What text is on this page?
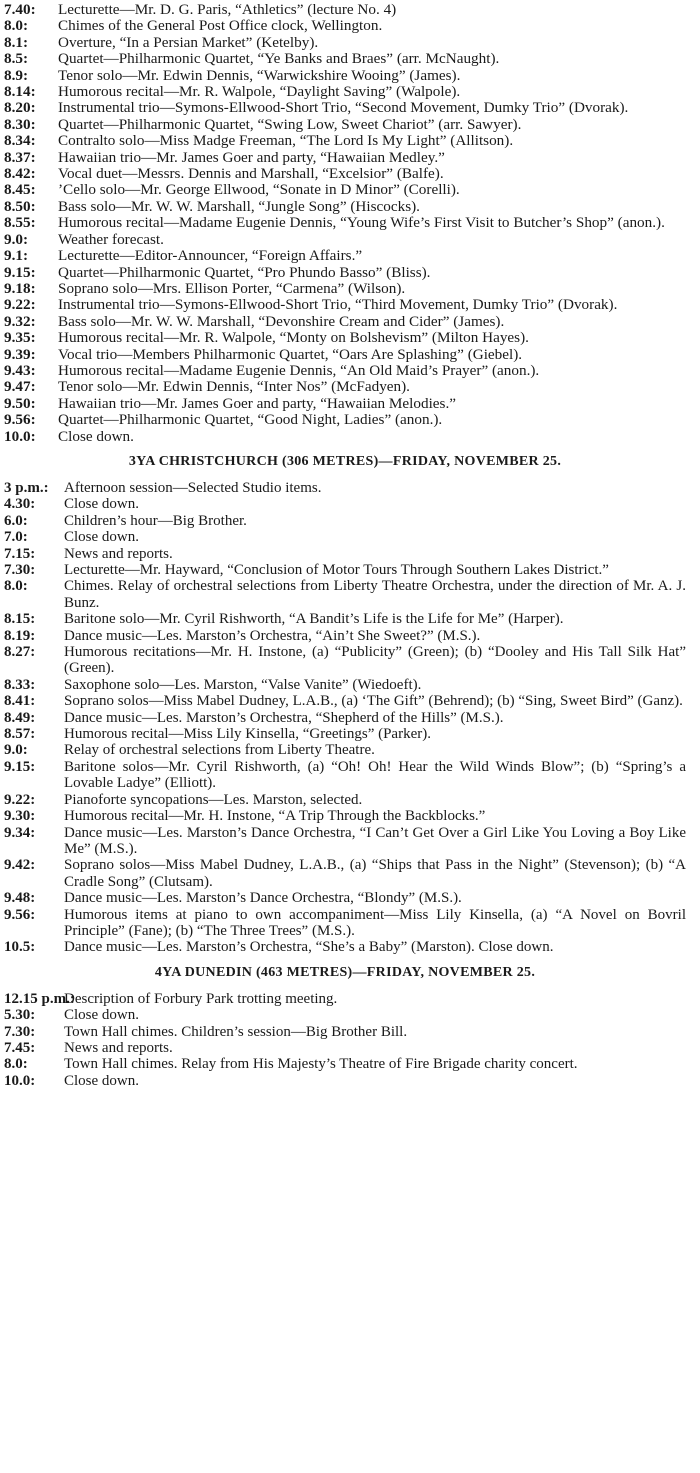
7.40: Lecturette—Mr. D. G. Paris, “Athletics” (lecture No. 4)
8.0: Chimes of the General Post Office clock, Wellington.
8.1: Overture, “In a Persian Market” (Ketelby).
8.5: Quartet—Philharmonic Quartet, “Ye Banks and Braes” (arr. McNaught).
8.9: Tenor solo—Mr. Edwin Dennis, “Warwickshire Wooing” (James).
8.14: Humorous recital—Mr. R. Walpole, “Daylight Saving” (Walpole).
8.20: Instrumental trio—Symons-Ellwood-Short Trio, “Second Movement, Dumky Trio” (Dvorak).
8.30: Quartet—Philharmonic Quartet, “Swing Low, Sweet Chariot” (arr. Sawyer).
8.34: Contralto solo—Miss Madge Freeman, “The Lord Is My Light” (Allitson).
8.37: Hawaiian trio—Mr. James Goer and party, “Hawaiian Medley.”
8.42: Vocal duet—Messrs. Dennis and Marshall, “Excelsior” (Balfe).
8.45: ’Cello solo—Mr. George Ellwood, “Sonate in D Minor” (Corelli).
8.50: Bass solo—Mr. W. W. Marshall, “Jungle Song” (Hiscocks).
8.55: Humorous recital—Madame Eugenie Dennis, “Young Wife’s First Visit to Butcher’s Shop” (anon.).
9.0: Weather forecast.
9.1: Lecturette—Editor-Announcer, “Foreign Affairs.”
9.15: Quartet—Philharmonic Quartet, “Pro Phundo Basso” (Bliss).
9.18: Soprano solo—Mrs. Ellison Porter, “Carmena” (Wilson).
9.22: Instrumental trio—Symons-Ellwood-Short Trio, “Third Movement, Dumky Trio” (Dvorak).
9.32: Bass solo—Mr. W. W. Marshall, “Devonshire Cream and Cider” (James).
9.35: Humorous recital—Mr. R. Walpole, “Monty on Bolshevism” (Milton Hayes).
9.39: Vocal trio—Members Philharmonic Quartet, “Oars Are Splashing” (Giebel).
9.43: Humorous recital—Madame Eugenie Dennis, “An Old Maid’s Prayer” (anon.).
9.47: Tenor solo—Mr. Edwin Dennis, “Inter Nos” (McFadyen).
9.50: Hawaiian trio—Mr. James Goer and party, “Hawaiian Melodies.”
9.56: Quartet—Philharmonic Quartet, “Good Night, Ladies” (anon.).
10.0: Close down.
3YA CHRISTCHURCH (306 METRES)—FRIDAY, NOVEMBER 25.
3 p.m.: Afternoon session—Selected Studio items.
4.30: Close down.
6.0: Children’s hour—Big Brother.
7.0: Close down.
7.15: News and reports.
7.30: Lecturette—Mr. Hayward, “Conclusion of Motor Tours Through Southern Lakes District.”
8.0: Chimes. Relay of orchestral selections from Liberty Theatre Orchestra, under the direction of Mr. A. J. Bunz.
8.15: Baritone solo—Mr. Cyril Rishworth, “A Bandit’s Life is the Life for Me” (Harper).
8.19: Dance music—Les. Marston’s Orchestra, “Ain’t She Sweet?” (M.S.).
8.27: Humorous recitations—Mr. H. Instone, (a) “Publicity” (Green); (b) “Dooley and His Tall Silk Hat” (Green).
8.33: Saxophone solo—Les. Marston, “Valse Vanite” (Wiedoeft).
8.41: Soprano solos—Miss Mabel Dudney, L.A.B., (a) ‘The Gift” (Behrend); (b) “Sing, Sweet Bird” (Ganz).
8.49: Dance music—Les. Marston’s Orchestra, “Shepherd of the Hills” (M.S.).
8.57: Humorous recital—Miss Lily Kinsella, “Greetings” (Parker).
9.0: Relay of orchestral selections from Liberty Theatre.
9.15: Baritone solos—Mr. Cyril Rishworth, (a) “Oh! Oh! Hear the Wild Winds Blow”; (b) “Spring’s a Lovable Ladye” (Elliott).
9.22: Pianoforte syncopations—Les. Marston, selected.
9.30: Humorous recital—Mr. H. Instone, “A Trip Through the Backblocks.”
9.34: Dance music—Les. Marston’s Dance Orchestra, “I Can’t Get Over a Girl Like You Loving a Boy Like Me” (M.S.).
9.42: Soprano solos—Miss Mabel Dudney, L.A.B., (a) “Ships that Pass in the Night” (Stevenson); (b) “A Cradle Song” (Clutsam).
9.48: Dance music—Les. Marston’s Dance Orchestra, “Blondy” (M.S.).
9.56: Humorous items at piano to own accompaniment—Miss Lily Kinsella, (a) “A Novel on Bovril Principle” (Fane); (b) “The Three Trees” (M.S.).
10.5: Dance music—Les. Marston’s Orchestra, “She’s a Baby” (Marston). Close down.
4YA DUNEDIN (463 METRES)—FRIDAY, NOVEMBER 25.
12.15 p.m.:
Description of Forbury Park trotting meeting.
5.30: Close down.
7.30: Town Hall chimes. Children’s session—Big Brother Bill.
7.45: News and reports.
8.0: Town Hall chimes. Relay from His Majesty’s Theatre of Fire Brigade charity concert.
10.0: Close down.
